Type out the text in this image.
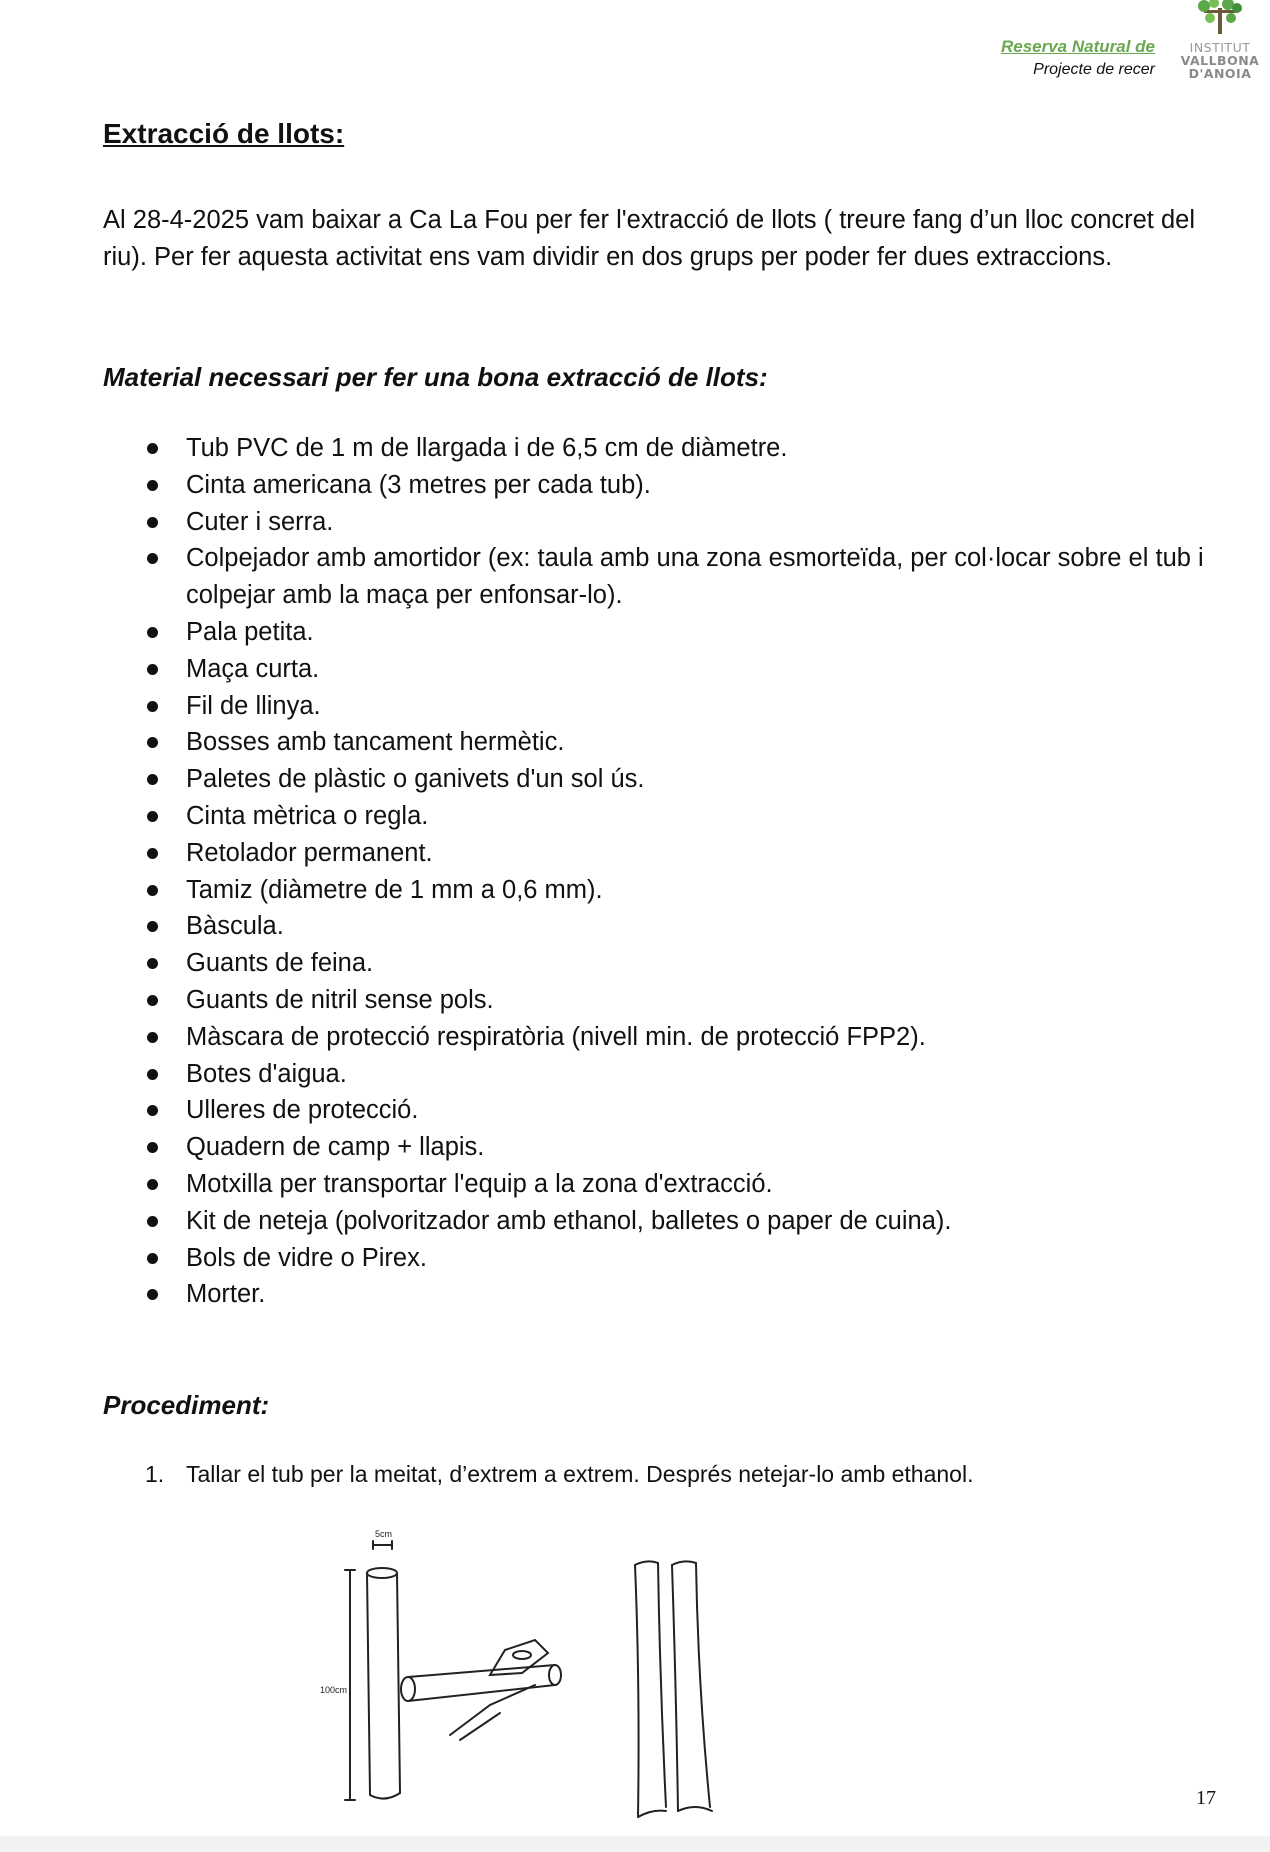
Reserva Natural de
Projecte de recer
INSTITUT
VALLBONA
D'ANOIA
Extracció de llots:

Al 28-4-2025 vam baixar a Ca La Fou per fer l'extracció de llots ( treure fang d’un lloc concret del riu). Per fer aquesta activitat ens vam dividir en dos grups per poder fer dues extraccions.

Material necessari per fer una bona extracció de llots:
Tub PVC de 1 m de llargada i de 6,5 cm de diàmetre.
Cinta americana (3 metres per cada tub).
Cuter i serra.
Colpejador amb amortidor (ex: taula amb una zona esmorteïda, per col·locar sobre el tub i colpejar amb la maça per enfonsar-lo).
Pala petita.
Maça curta.
Fil de llinya.
Bosses amb tancament hermètic.
Paletes de plàstic o ganivets d'un sol ús.
Cinta mètrica o regla.
Retolador permanent.
Tamiz (diàmetre de 1 mm a 0,6 mm).
Bàscula.
Guants de feina.
Guants de nitril sense pols.
Màscara de protecció respiratòria (nivell min. de protecció FPP2).
Botes d'aigua.
Ulleres de protecció.
Quadern de camp + llapis.
Motxilla per transportar l'equip a la zona d'extracció.
Kit de neteja (polvoritzador amb ethanol, balletes o paper de cuina).
Bols de vidre o Pirex.
Morter.
Procediment:
1. Tallar el tub per la meitat, d’extrem a extrem. Després netejar-lo amb ethanol.
5cm
100cm
17
